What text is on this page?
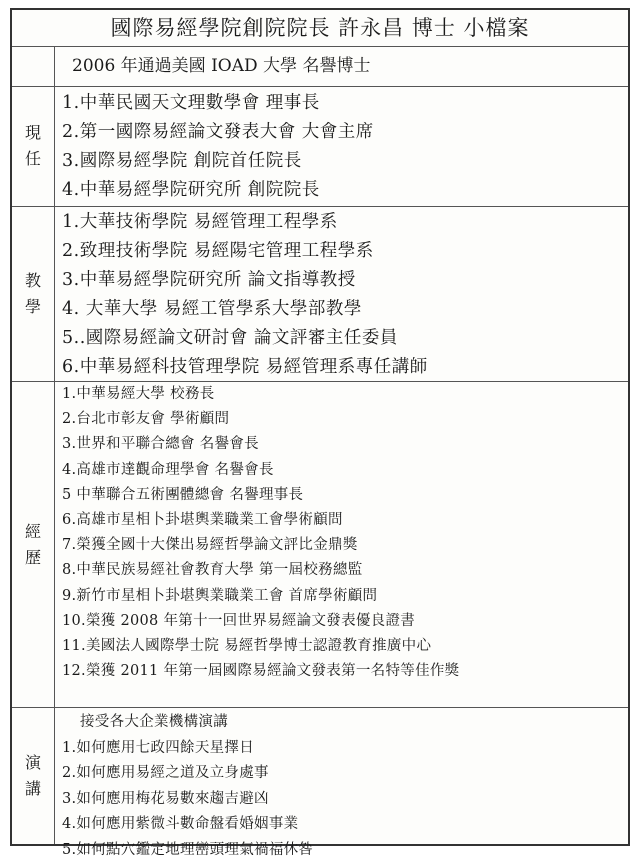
國際易經學院創院院長 許永昌 博士 小檔案
2006 年通過美國 IOAD 大學 名譽博士
現
任
1.中華民國天文理數學會 理事長
2.第一國際易經論文發表大會 大會主席
3.國際易經學院 創院首任院長
4.中華易經學院研究所 創院院長
教
學
1.大華技術學院 易經管理工程學系
2.致理技術學院 易經陽宅管理工程學系
3.中華易經學院研究所 論文指導教授
4. 大華大學 易經工管學系大學部教學
5..國際易經論文研討會 論文評審主任委員
6.中華易經科技管理學院 易經管理系專任講師
經
歷
1.中華易經大學 校務長
2.台北市彰友會 學術顧問
3.世界和平聯合總會 名譽會長
4.高雄市達觀命理學會 名譽會長
5 中華聯合五術團體總會 名譽理事長
6.高雄市星相卜卦堪輿業職業工會學術顧問
7.榮獲全國十大傑出易經哲學論文評比金鼎獎
8.中華民族易經社會教育大學 第一屆校務總監
9.新竹市星相卜卦堪輿業職業工會 首席學術顧問
10.榮獲 2008 年第十一回世界易經論文發表優良證書
11.美國法人國際學士院 易經哲學博士認證教育推廣中心
12.榮獲 2011 年第一屆國際易經論文發表第一名特等佳作獎
演
講
接受各大企業機構演講
1.如何應用七政四餘天星擇日
2.如何應用易經之道及立身處事
3.如何應用梅花易數來趨吉避凶
4.如何應用紫微斗數命盤看婚姻事業
5.如何點穴鑑定地理巒頭理氣禍福休咎
